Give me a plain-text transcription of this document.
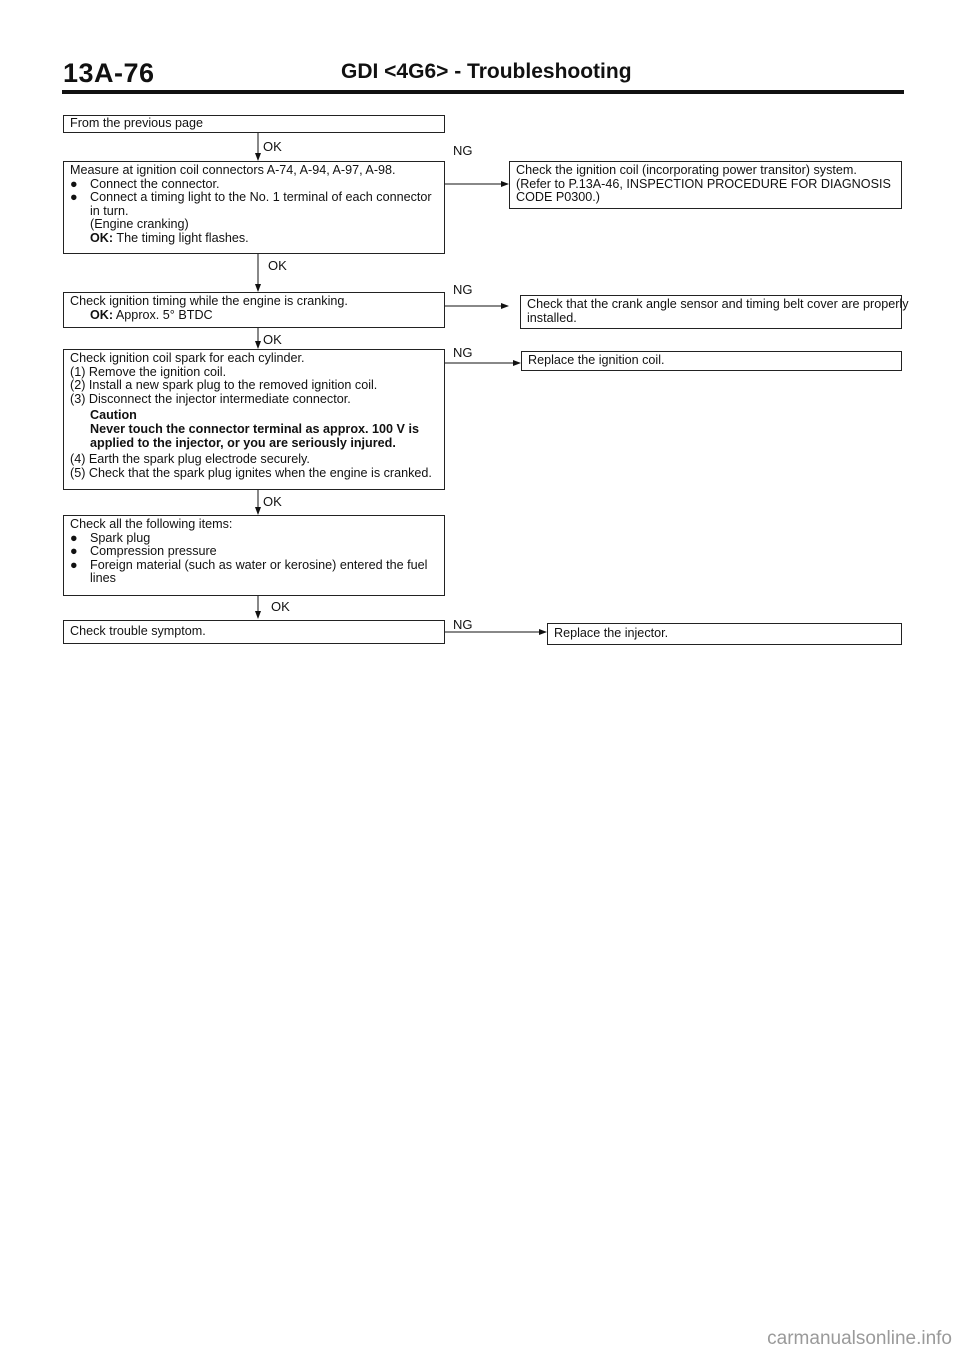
13A-76	GDI <4G6> - Troubleshooting
From the previous page
OK	NG
Measure at ignition coil connectors A-74, A-94, A-97, A-98.
● Connect the connector.
● Connect a timing light to the No. 1 terminal of each connector
in turn.
(Engine cranking)
OK: The timing light flashes.
Check the ignition coil (incorporating power transitor) system.
(Refer to P.13A-46, INSPECTION PROCEDURE FOR DIAGNOSIS
CODE P0300.)
OK
NG
Check ignition timing while the engine is cranking.
OK: Approx. 5° BTDC
Check that the crank angle sensor and timing belt cover are properly
installed.
OK
NG
Check ignition coil spark for each cylinder.
(1) Remove the ignition coil.
(2) Install a new spark plug to the removed ignition coil.
(3) Disconnect the injector intermediate connector.
Caution
Never touch the connector terminal as approx. 100 V is
applied to the injector, or you are seriously injured.
(4) Earth the spark plug electrode securely.
(5) Check that the spark plug ignites when the engine is cranked.
Replace the ignition coil.
OK
Check all the following items:
● Spark plug
● Compression pressure
● Foreign material (such as water or kerosine) entered the fuel
lines
OK
NG
Check trouble symptom.	Replace the injector.
carmanualsonline.info
